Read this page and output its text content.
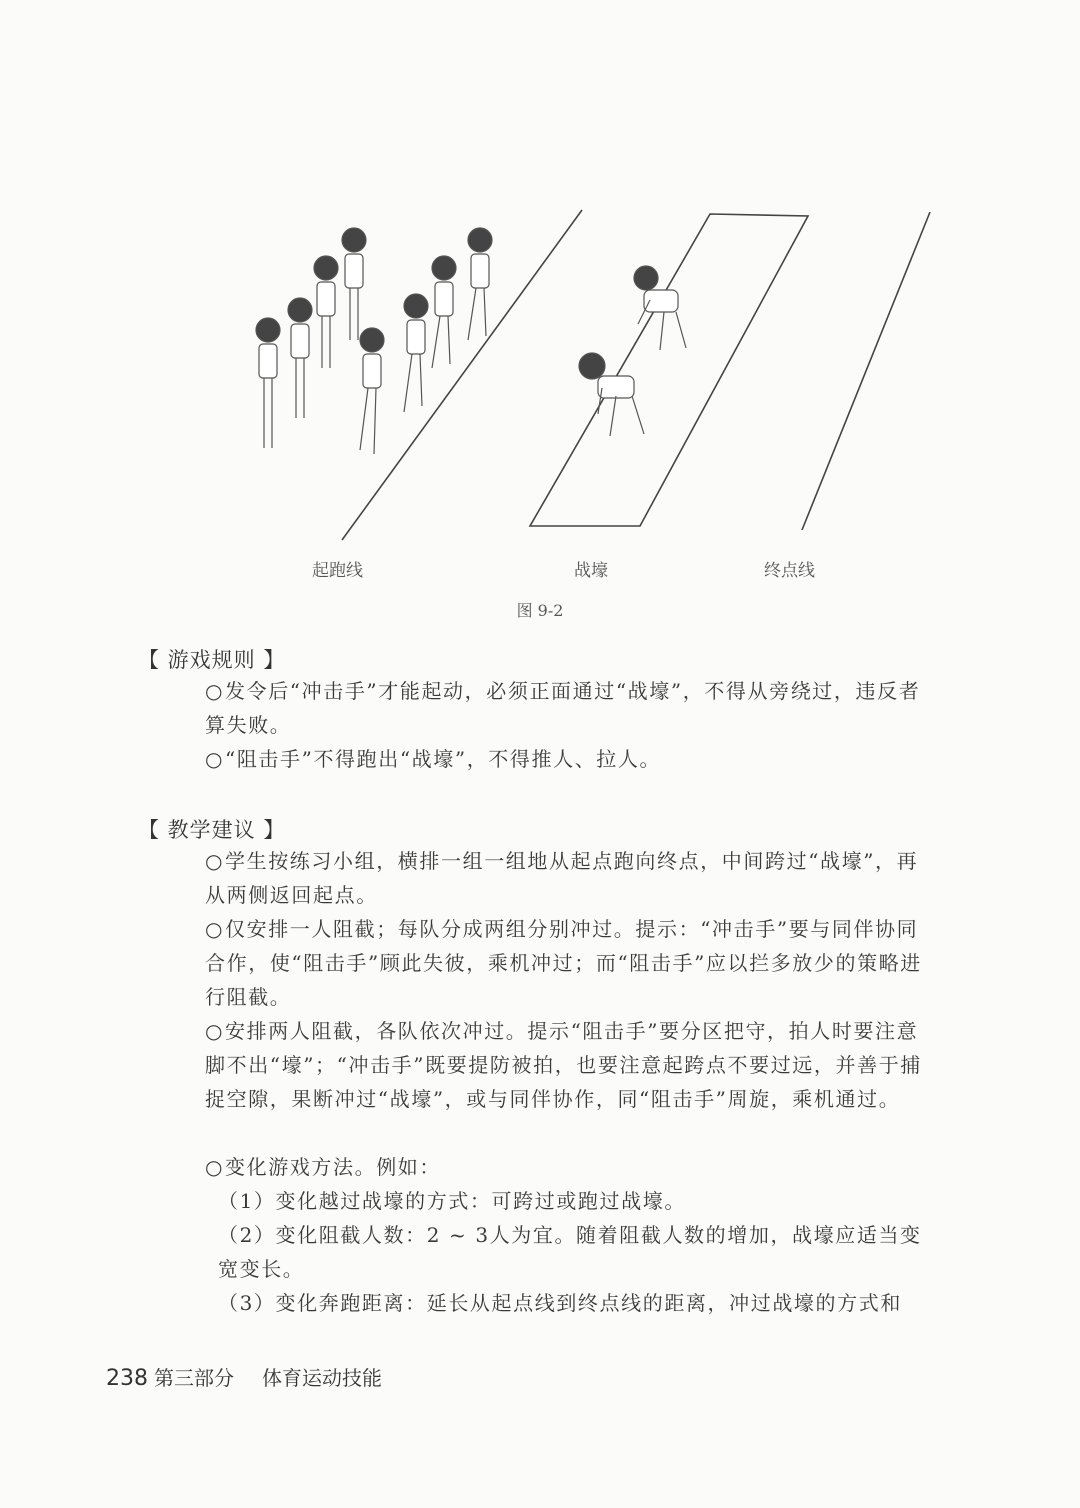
起跑线	战壕	终点线
图 9-2
【 游戏规则 】
○发令后“冲击手”才能起动，必须正面通过“战壕”，不得从旁绕过，违反者算失败。
○“阻击手”不得跑出“战壕”，不得推人、拉人。
【 教学建议 】
○学生按练习小组，横排一组一组地从起点跑向终点，中间跨过“战壕”，再从两侧返回起点。
○仅安排一人阻截；每队分成两组分别冲过。提示：“冲击手”要与同伴协同合作，使“阻击手”顾此失彼，乘机冲过；而“阻击手”应以拦多放少的策略进行阻截。
○安排两人阻截，各队依次冲过。提示“阻击手”要分区把守，拍人时要注意脚不出“壕”；“冲击手”既要提防被拍，也要注意起跨点不要过远，并善于捕捉空隙，果断冲过“战壕”，或与同伴协作，同“阻击手”周旋，乘机通过。
○变化游戏方法。例如：
（1）变化越过战壕的方式：可跨过或跑过战壕。
（2）变化阻截人数：2 ~ 3人为宜。随着阻截人数的增加，战壕应适当变宽变长。
（3）变化奔跑距离：延长从起点线到终点线的距离，冲过战壕的方式和
238 第三部分 体育运动技能
